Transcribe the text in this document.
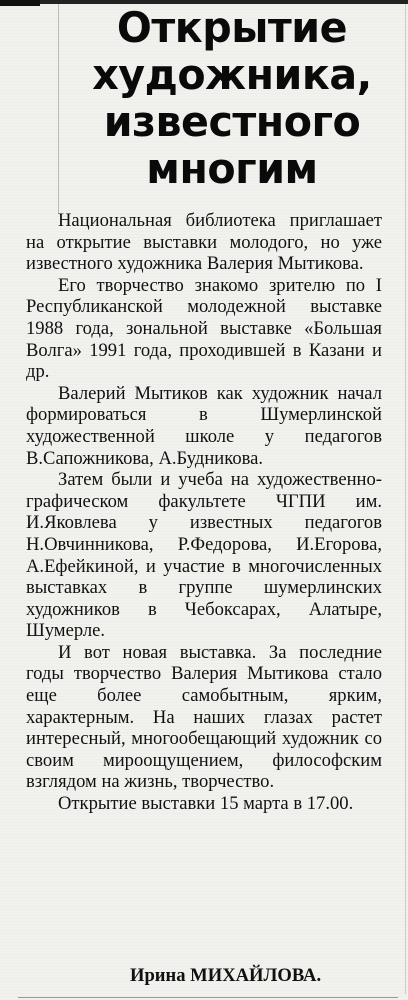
Открытие
художника,
известного
многим

Национальная библиотека приглашает на открытие выставки молодого, но уже известного художника Валерия Мытикова.

Его творчество знакомо зрителю по I Республиканской молодежной выставке 1988 года, зональной выставке «Большая Волга» 1991 года, проходившей в Казани и др.

Валерий Мытиков как художник начал формироваться в Шумерлинской художественной школе у педагогов В.Сапожникова, А.Будникова.

Затем были и учеба на художественно-графическом факультете ЧГПИ им. И.Яковлева у известных педагогов Н.Овчинникова, Р.Федорова, И.Егорова, А.Ефейкиной, и участие в многочисленных выставках в группе шумерлинских художников в Чебоксарах, Алатыре, Шумерле.

И вот новая выставка. За последние годы творчество Валерия Мытикова стало еще более самобытным, ярким, характерным. На наших глазах растет интересный, многообещающий художник со своим мироощущением, философским взглядом на жизнь, творчество.

Открытие выставки 15 марта в 17.00.

Ирина МИХАЙЛОВА.
